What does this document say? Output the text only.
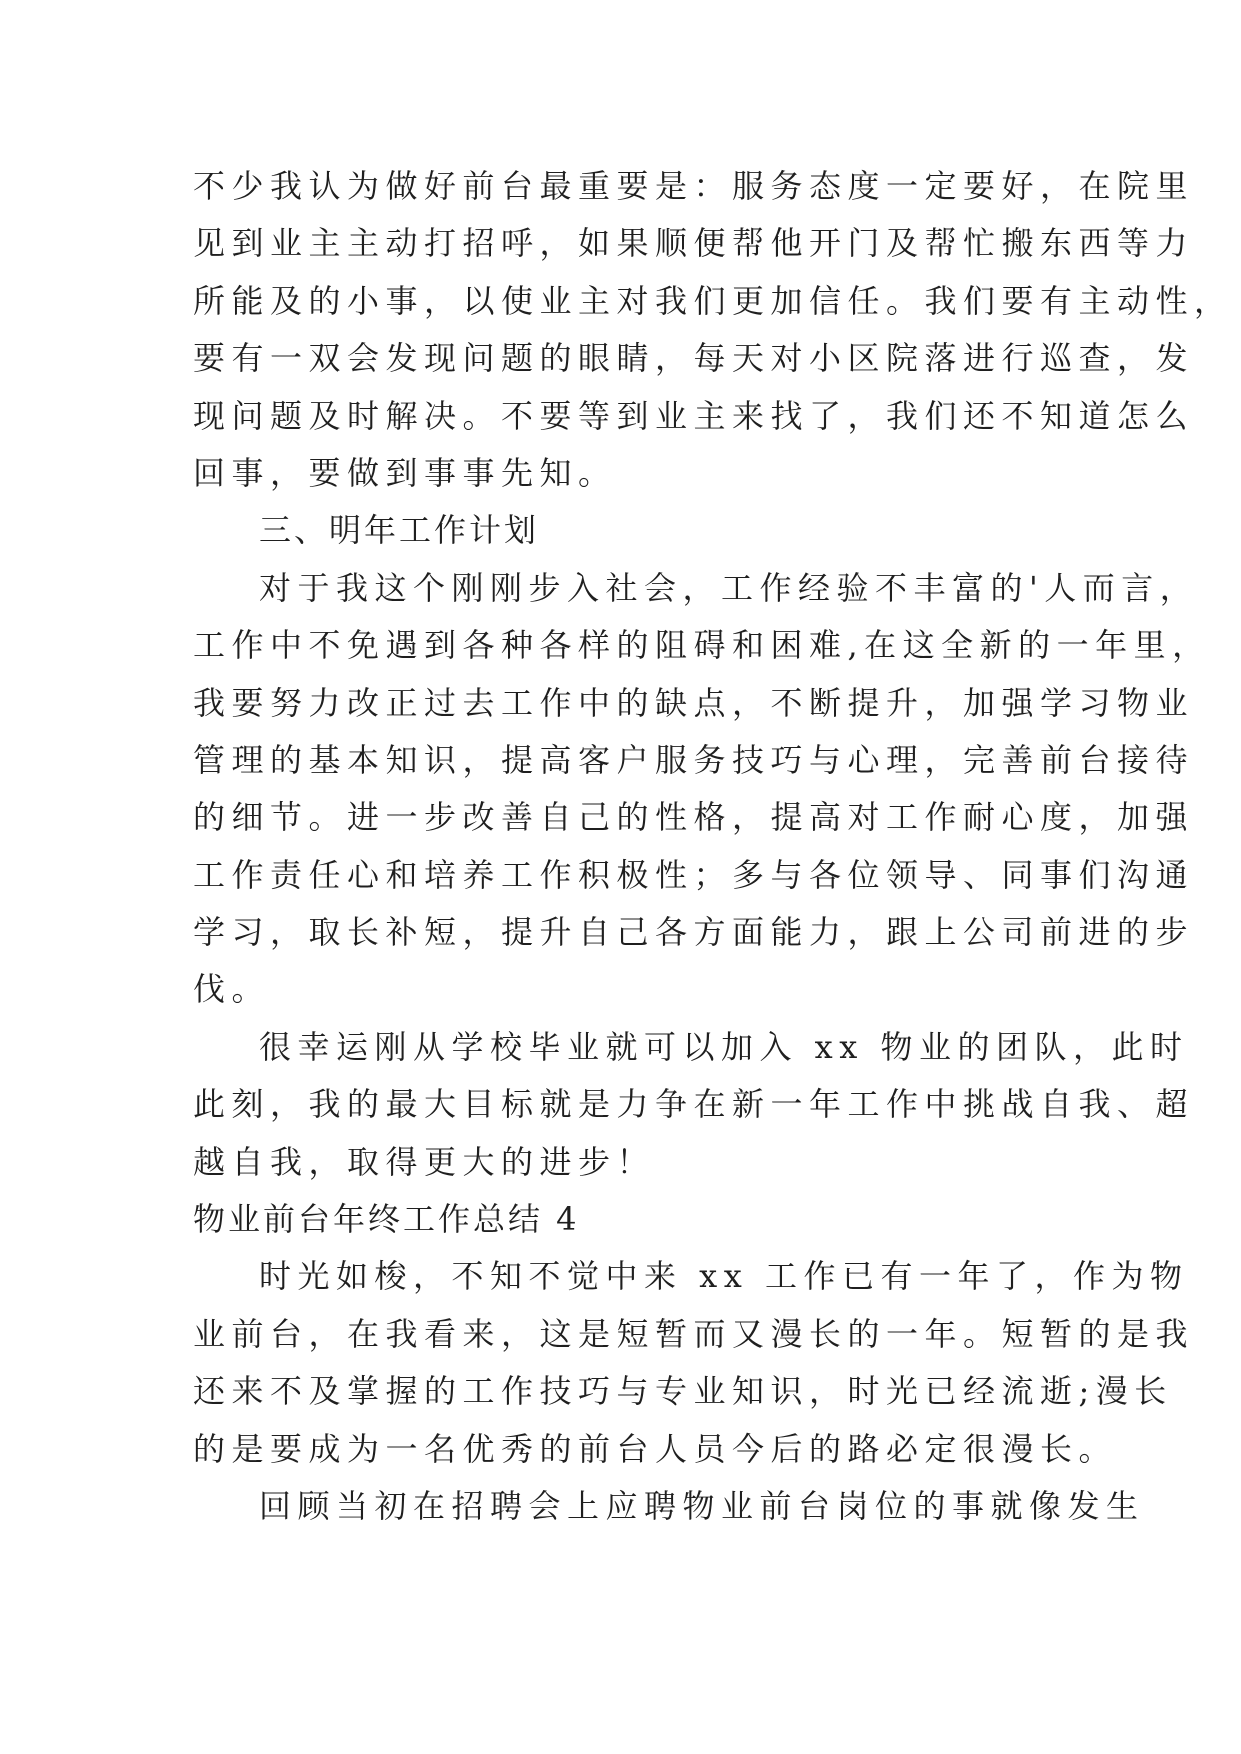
不少我认为做好前台最重要是：服务态度一定要好，在院里
见到业主主动打招呼，如果顺便帮他开门及帮忙搬东西等力
所能及的小事，以使业主对我们更加信任。我们要有主动性，
要有一双会发现问题的眼睛，每天对小区院落进行巡查，发
现问题及时解决。不要等到业主来找了，我们还不知道怎么
回事，要做到事事先知。
三、明年工作计划
对于我这个刚刚步入社会，工作经验不丰富的'人而言，
工作中不免遇到各种各样的阻碍和困难,在这全新的一年里，
我要努力改正过去工作中的缺点，不断提升，加强学习物业
管理的基本知识，提高客户服务技巧与心理，完善前台接待
的细节。进一步改善自己的性格，提高对工作耐心度，加强
工作责任心和培养工作积极性；多与各位领导、同事们沟通
学习，取长补短，提升自己各方面能力，跟上公司前进的步
伐。
很幸运刚从学校毕业就可以加入 xx 物业的团队，此时
此刻，我的最大目标就是力争在新一年工作中挑战自我、超
越自我，取得更大的进步！
物业前台年终工作总结 4
时光如梭，不知不觉中来 xx 工作已有一年了，作为物
业前台，在我看来，这是短暂而又漫长的一年。短暂的是我
还来不及掌握的工作技巧与专业知识，时光已经流逝;漫长
的是要成为一名优秀的前台人员今后的路必定很漫长。
回顾当初在招聘会上应聘物业前台岗位的事就像发生
